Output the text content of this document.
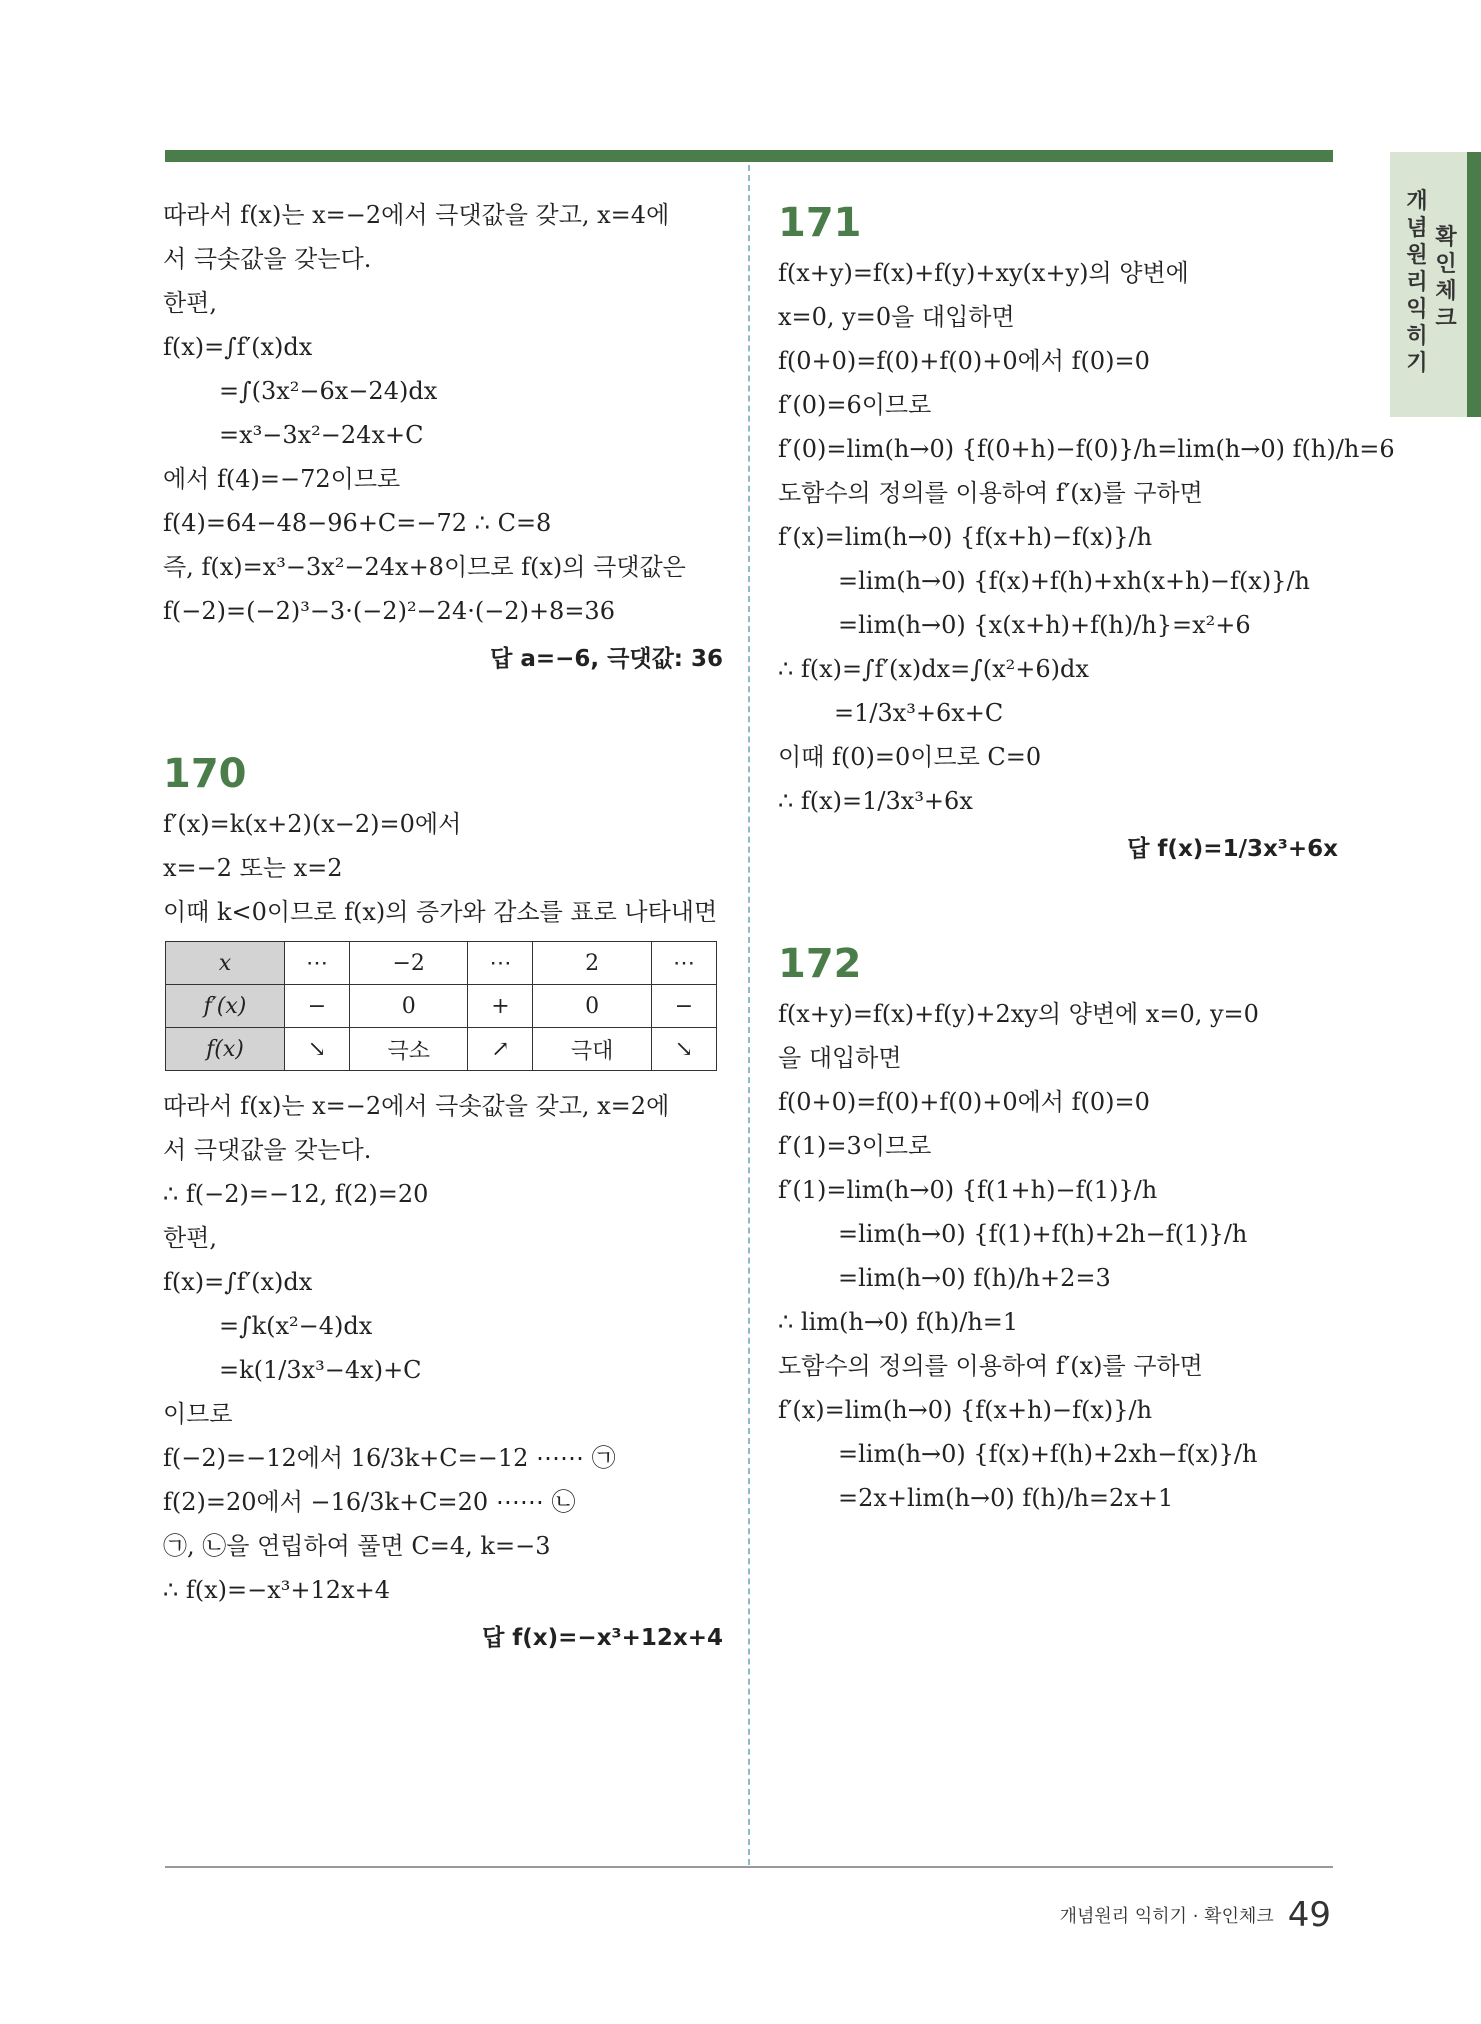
개념원리 익히기
확인체크
따라서 f(x)는 x=−2에서 극댓값을 갖고, x=4에
서 극솟값을 갖는다.
한편,
f(x)=∫f′(x)dx
=∫(3x²−6x−24)dx
=x³−3x²−24x+C
에서 f(4)=−72이므로
f(4)=64−48−96+C=−72 ∴ C=8
즉, f(x)=x³−3x²−24x+8이므로 f(x)의 극댓값은
f(−2)=(−2)³−3·(−2)²−24·(−2)+8=36
답 a=−6, 극댓값: 36
170
f′(x)=k(x+2)(x−2)=0에서
x=−2 또는 x=2
이때 k<0이므로 f(x)의 증가와 감소를 표로 나타내면
x	⋯	−2	⋯	2	⋯
f′(x)	−	0	+	0	−
f(x)	↘	극소	↗	극대	↘
따라서 f(x)는 x=−2에서 극솟값을 갖고, x=2에
서 극댓값을 갖는다.
∴ f(−2)=−12, f(2)=20
한편,
f(x)=∫f′(x)dx
=∫k(x²−4)dx
=k(1/3x³−4x)+C
이므로
f(−2)=−12에서 16/3k+C=−12 ⋯⋯ ㉠
f(2)=20에서 −16/3k+C=20 ⋯⋯ ㉡
㉠, ㉡을 연립하여 풀면 C=4, k=−3
∴ f(x)=−x³+12x+4
답 f(x)=−x³+12x+4
171
f(x+y)=f(x)+f(y)+xy(x+y)의 양변에
x=0, y=0을 대입하면
f(0+0)=f(0)+f(0)+0에서 f(0)=0
f′(0)=6이므로
f′(0)=lim(h→0) {f(0+h)−f(0)}/h=lim(h→0) f(h)/h=6
도함수의 정의를 이용하여 f′(x)를 구하면
f′(x)=lim(h→0) {f(x+h)−f(x)}/h
=lim(h→0) {f(x)+f(h)+xh(x+h)−f(x)}/h
=lim(h→0) {x(x+h)+f(h)/h}=x²+6
∴ f(x)=∫f′(x)dx=∫(x²+6)dx
=1/3x³+6x+C
이때 f(0)=0이므로 C=0
∴ f(x)=1/3x³+6x
답 f(x)=1/3x³+6x
172
f(x+y)=f(x)+f(y)+2xy의 양변에 x=0, y=0
을 대입하면
f(0+0)=f(0)+f(0)+0에서 f(0)=0
f′(1)=3이므로
f′(1)=lim(h→0) {f(1+h)−f(1)}/h
=lim(h→0) {f(1)+f(h)+2h−f(1)}/h
=lim(h→0) f(h)/h+2=3
∴ lim(h→0) f(h)/h=1
도함수의 정의를 이용하여 f′(x)를 구하면
f′(x)=lim(h→0) {f(x+h)−f(x)}/h
=lim(h→0) {f(x)+f(h)+2xh−f(x)}/h
=2x+lim(h→0) f(h)/h=2x+1
개념원리 익히기 · 확인체크 49
